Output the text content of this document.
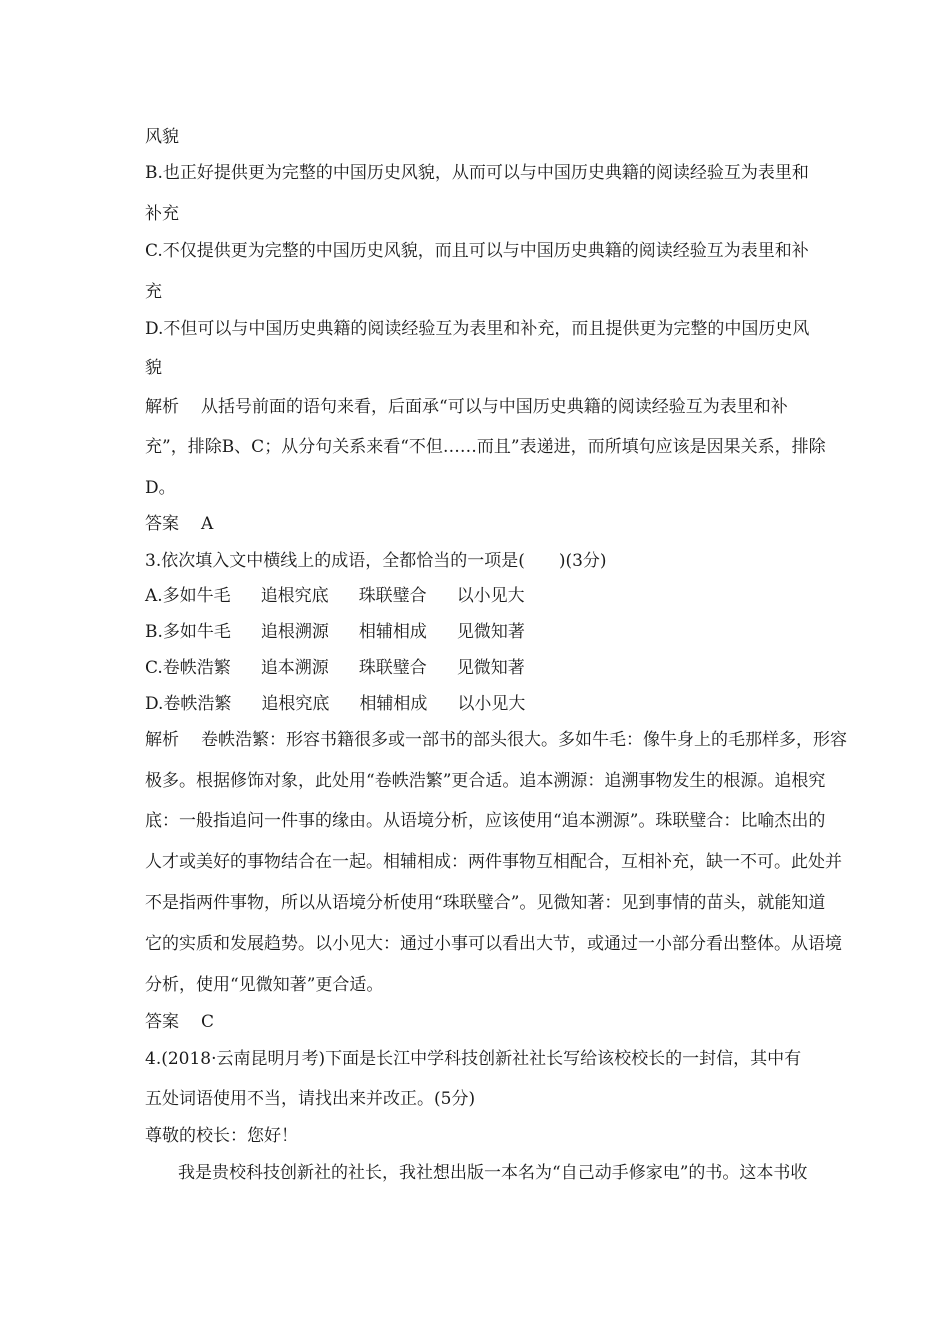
风貌
B.也正好提供更为完整的中国历史风貌，从而可以与中国历史典籍的阅读经验互为表里和
补充
C.不仅提供更为完整的中国历史风貌，而且可以与中国历史典籍的阅读经验互为表里和补
充
D.不但可以与中国历史典籍的阅读经验互为表里和补充，而且提供更为完整的中国历史风
貌
解析 从括号前面的语句来看，后面承“可以与中国历史典籍的阅读经验互为表里和补
充”，排除B、C；从分句关系来看“不但……而且”表递进，而所填句应该是因果关系，排除
D。
答案 A
3.依次填入文中横线上的成语，全都恰当的一项是(　　)(3分)
A.多如牛毛 追根究底 珠联璧合 以小见大
B.多如牛毛 追根溯源 相辅相成 见微知著
C.卷帙浩繁 追本溯源 珠联璧合 见微知著
D.卷帙浩繁 追根究底 相辅相成 以小见大
解析 卷帙浩繁：形容书籍很多或一部书的部头很大。多如牛毛：像牛身上的毛那样多，形容
极多。根据修饰对象，此处用“卷帙浩繁”更合适。追本溯源：追溯事物发生的根源。追根究
底：一般指追问一件事的缘由。从语境分析，应该使用“追本溯源”。珠联璧合：比喻杰出的
人才或美好的事物结合在一起。相辅相成：两件事物互相配合，互相补充，缺一不可。此处并
不是指两件事物，所以从语境分析使用“珠联璧合”。见微知著：见到事情的苗头，就能知道
它的实质和发展趋势。以小见大：通过小事可以看出大节，或通过一小部分看出整体。从语境
分析，使用“见微知著”更合适。
答案 C
4.(2018·云南昆明月考)下面是长江中学科技创新社社长写给该校校长的一封信，其中有
五处词语使用不当，请找出来并改正。(5分)
尊敬的校长：您好！
我是贵校科技创新社的社长，我社想出版一本名为“自己动手修家电”的书。这本书收
